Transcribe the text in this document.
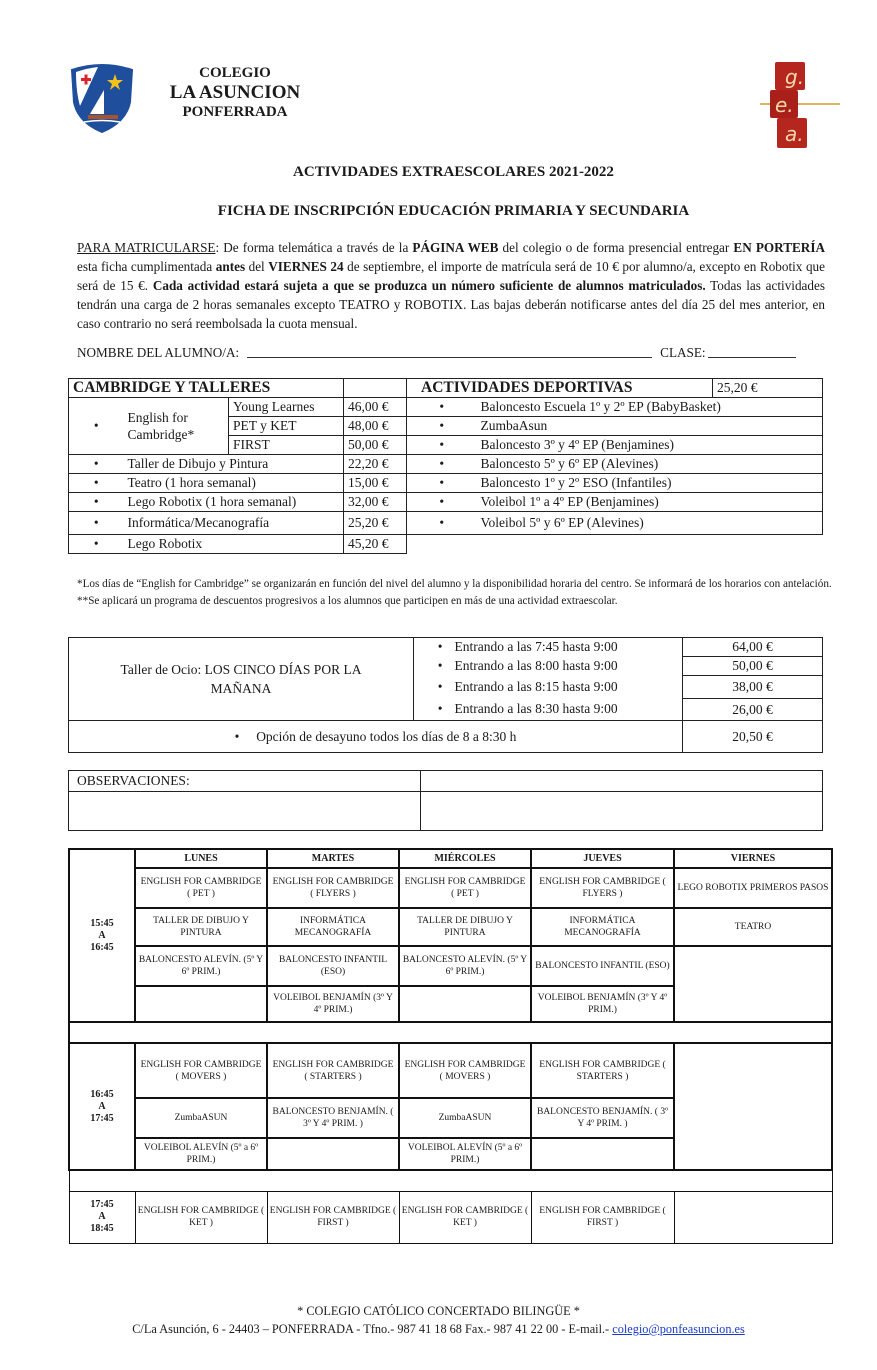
COLEGIO
LA ASUNCION
PONFERRADA
g.
e.
a.
ACTIVIDADES EXTRAESCOLARES 2021-2022
FICHA DE INSCRIPCIÓN EDUCACIÓN PRIMARIA Y SECUNDARIA
PARA MATRICULARSE: De forma telemática a través de la PÁGINA WEB del colegio o de forma presencial entregar EN PORTERÍA esta ficha cumplimentada antes del VIERNES 24 de septiembre, el importe de matrícula será de 10 € por alumno/a, excepto en Robotix que será de 15 €. Cada actividad estará sujeta a que se produzca un número suficiente de alumnos matriculados. Todas las actividades tendrán una carga de 2 horas semanales excepto TEATRO y ROBOTIX. Las bajas deberán notificarse antes del día 25 del mes anterior, en caso contrario no será reembolsada la cuota mensual.
NOMBRE DEL ALUMNO/A:	CLASE:
CAMBRIDGE Y TALLERES				ACTIVIDADES DEPORTIVAS		25,20 €
•	English for Cambridge*	Young Learnes	46,00 €	•	Baloncesto Escuela 1º y 2º EP (BabyBasket)	
		PET y KET	48,00 €	•	ZumbaAsun	
		FIRST	50,00 €	•	Baloncesto 3º y 4º EP (Benjamines)	
•	Taller de Dibujo y Pintura		22,20 €	•	Baloncesto 5º y 6º EP (Alevines)	
•	Teatro (1 hora semanal)		15,00 €	•	Baloncesto 1º y 2º ESO (Infantiles)	
•	Lego Robotix (1 hora semanal)		32,00 €	•	Voleibol 1º a 4º EP (Benjamines)	
•	Informática/Mecanografía		25,20 €	•	Voleibol 5º y 6º EP (Alevines)	
•	Lego Robotix		45,20 €			
*Los días de “English for Cambridge” se organizarán en función del nivel del alumno y la disponibilidad horaria del centro. Se informará de los horarios con antelación.
**Se aplicará un programa de descuentos progresivos a los alumnos que participen en más de una actividad extraescolar.
Taller de Ocio: LOS CINCO DÍAS POR LA MAÑANA	•	Entrando a las 7:45 hasta 9:00	64,00 €
	•	Entrando a las 8:00 hasta 9:00	50,00 €
	•	Entrando a las 8:15 hasta 9:00	38,00 €
	•	Entrando a las 8:30 hasta 9:00	26,00 €
•     Opción de desayuno todos los días de 8 a 8:30 h			20,50 €
OBSERVACIONES:	

15:45
A
16:45	LUNES	MARTES	MIÉRCOLES	JUEVES	VIERNES
	ENGLISH FOR CAMBRIDGE ( PET )	ENGLISH FOR CAMBRIDGE ( FLYERS )	ENGLISH FOR CAMBRIDGE ( PET )	ENGLISH FOR CAMBRIDGE ( FLYERS )	LEGO ROBOTIX PRIMEROS PASOS
	TALLER DE DIBUJO Y PINTURA	INFORMÁTICA MECANOGRAFÍA	TALLER DE DIBUJO Y PINTURA	INFORMÁTICA MECANOGRAFÍA	TEATRO
	BALONCESTO ALEVÍN. (5º Y 6º PRIM.)	BALONCESTO INFANTIL (ESO)	BALONCESTO ALEVÍN. (5º Y 6º PRIM.)	BALONCESTO INFANTIL (ESO)	
		VOLEIBOL BENJAMÍN (3º Y 4º PRIM.)		VOLEIBOL BENJAMÍN (3º Y 4º PRIM.)	

16:45
A
17:45	ENGLISH FOR CAMBRIDGE ( MOVERS )	ENGLISH FOR CAMBRIDGE ( STARTERS )	ENGLISH FOR CAMBRIDGE ( MOVERS )	ENGLISH FOR CAMBRIDGE ( STARTERS )	
	ZumbaASUN	BALONCESTO BENJAMÍN. ( 3º Y 4º PRIM. )	ZumbaASUN	BALONCESTO BENJAMÍN. ( 3º Y 4º PRIM. )	
	VOLEIBOL ALEVÍN (5º a 6º PRIM.)		VOLEIBOL ALEVÍN (5º a 6º PRIM.)		

17:45
A
18:45	ENGLISH FOR CAMBRIDGE ( KET )	ENGLISH FOR CAMBRIDGE ( FIRST )	ENGLISH FOR CAMBRIDGE ( KET )	ENGLISH FOR CAMBRIDGE ( FIRST )	
* COLEGIO CATÓLICO CONCERTADO BILINGÜE *
C/La Asunción, 6 - 24403 – PONFERRADA - Tfno.- 987 41 18 68 Fax.- 987 41 22 00 - E-mail.- colegio@ponfeasuncion.es
